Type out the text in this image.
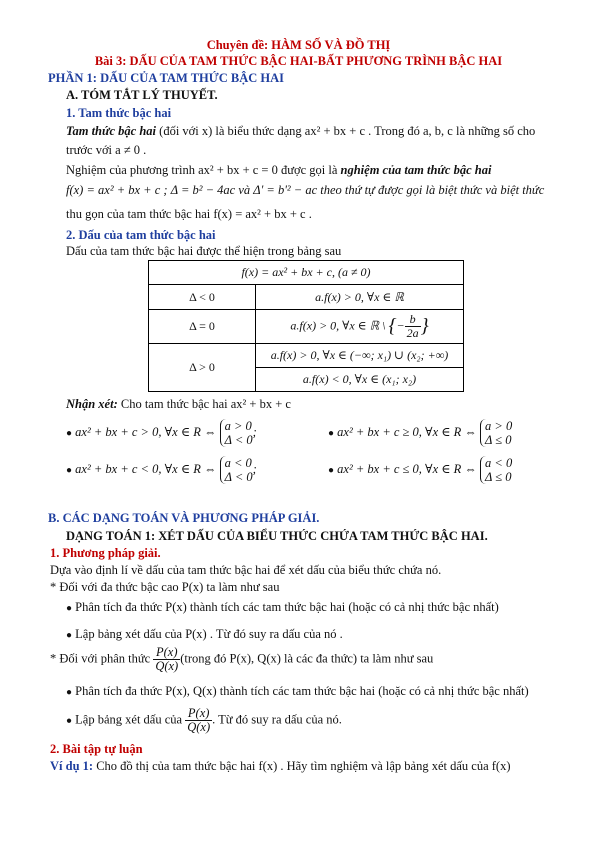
Chuyên đề: HÀM SỐ VÀ ĐỒ THỊ
Bài 3: DẤU CỦA TAM THỨC BẬC HAI-BẤT PHƯƠNG TRÌNH BẬC HAI
PHẦN 1: DẤU CỦA TAM THỨC BẬC HAI
A. TÓM TẮT LÝ THUYẾT.
1. Tam thức bậc hai
Tam thức bậc hai (đối với x) là biểu thức dạng ax² + bx + c . Trong đó a, b, c là những số cho
trước với a ≠ 0 .
Nghiệm của phương trình ax² + bx + c = 0 được gọi là nghiệm của tam thức bậc hai
f(x) = ax² + bx + c ; Δ = b² − 4ac và Δ' = b'² − ac theo thứ tự được gọi là biệt thức và biệt thức
thu gọn của tam thức bậc hai f(x) = ax² + bx + c .
2. Dấu của tam thức bậc hai
Dấu của tam thức bậc hai được thể hiện trong bảng sau
f(x) = ax² + bx + c, (a ≠ 0)	
Δ < 0	a.f(x) > 0, ∀x ∈ ℝ
Δ = 0	a.f(x) > 0, ∀x ∈ ℝ \ {− $\frac{b}{2a}$ }
Δ > 0	a.f(x) > 0, ∀x ∈ (−∞; x₁) ∪ (x₂; +∞)
	a.f(x) < 0, ∀x ∈ (x₁; x₂)
Nhận xét: Cho tam thức bậc hai ax² + bx + c
● ax² + bx + c > 0, ∀x ∈ R ⇔ a > 0
Δ < 0
;	● ax² + bx + c ≥ 0, ∀x ∈ R ⇔ a > 0
Δ ≤ 0
● ax² + bx + c < 0, ∀x ∈ R ⇔ a < 0
Δ < 0
;	● ax² + bx + c ≤ 0, ∀x ∈ R ⇔ a < 0
Δ ≤ 0
B. CÁC DẠNG TOÁN VÀ PHƯƠNG PHÁP GIẢI.
DẠNG TOÁN 1: XÉT DẤU CỦA BIỂU THỨC CHỨA TAM THỨC BẬC HAI.
1. Phương pháp giải.
Dựa vào định lí về dấu của tam thức bậc hai để xét dấu của biểu thức chứa nó.
* Đối với đa thức bậc cao P(x) ta làm như sau
● Phân tích đa thức P(x) thành tích các tam thức bậc hai (hoặc có cả nhị thức bậc nhất)
● Lập bảng xét dấu của P(x) . Từ đó suy ra dấu của nó .
* Đối với phân thức $\frac{P(x)}{Q(x)}$ (trong đó P(x), Q(x) là các đa thức) ta làm như sau
● Phân tích đa thức P(x), Q(x) thành tích các tam thức bậc hai (hoặc có cả nhị thức bậc nhất)
● Lập bảng xét dấu của $\frac{P(x)}{Q(x)}$ . Từ đó suy ra dấu của nó.
2. Bài tập tự luận
Ví dụ 1: Cho đồ thị của tam thức bậc hai f(x) . Hãy tìm nghiệm và lập bảng xét dấu của f(x)
